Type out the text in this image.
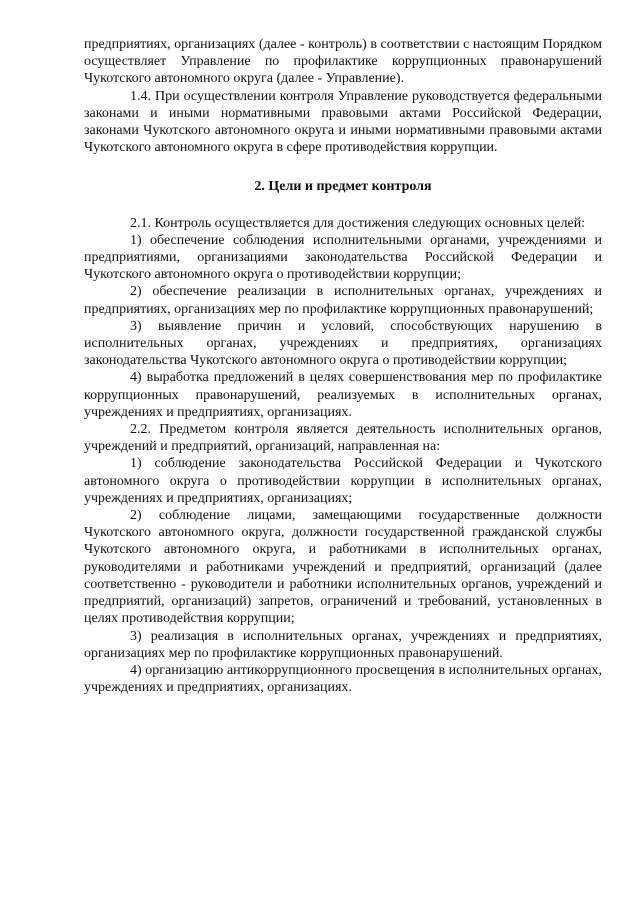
предприятиях, организациях (далее - контроль) в соответствии с настоящим Порядком осуществляет Управление по профилактике коррупционных правонарушений Чукотского автономного округа (далее - Управление).

1.4. При осуществлении контроля Управление руководствуется федеральными законами и иными нормативными правовыми актами Российской Федерации, законами Чукотского автономного округа и иными нормативными правовыми актами Чукотского автономного округа в сфере противодействия коррупции.

2. Цели и предмет контроля

2.1. Контроль осуществляется для достижения следующих основных целей:

1) обеспечение соблюдения исполнительными органами, учреждениями и предприятиями, организациями законодательства Российской Федерации и Чукотского автономного округа о противодействии коррупции;

2) обеспечение реализации в исполнительных органах, учреждениях и предприятиях, организациях мер по профилактике коррупционных правонарушений;

3) выявление причин и условий, способствующих нарушению в исполнительных органах, учреждениях и предприятиях, организациях законодательства Чукотского автономного округа о противодействии коррупции;

4) выработка предложений в целях совершенствования мер по профилактике коррупционных правонарушений, реализуемых в исполнительных органах, учреждениях и предприятиях, организациях.

2.2. Предметом контроля является деятельность исполнительных органов, учреждений и предприятий, организаций, направленная на:

1) соблюдение законодательства Российской Федерации и Чукотского автономного округа о противодействии коррупции в исполнительных органах, учреждениях и предприятиях, организациях;

2) соблюдение лицами, замещающими государственные должности Чукотского автономного округа, должности государственной гражданской службы Чукотского автономного округа, и работниками в исполнительных органах, руководителями и работниками учреждений и предприятий, организаций (далее соответственно - руководители и работники исполнительных органов, учреждений и предприятий, организаций) запретов, ограничений и требований, установленных в целях противодействия коррупции;

3) реализация в исполнительных органах, учреждениях и предприятиях, организациях мер по профилактике коррупционных правонарушений.

4) организацию антикоррупционного просвещения в исполнительных органах, учреждениях и предприятиях, организациях.
